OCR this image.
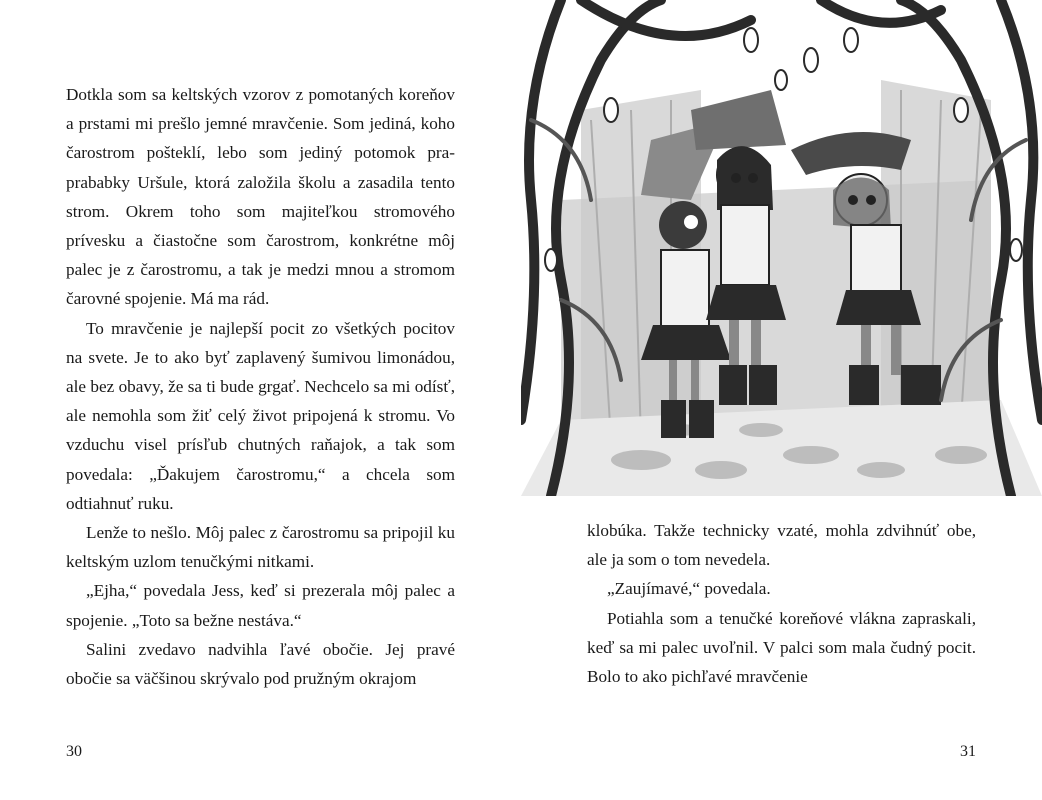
Dotkla som sa keltských vzorov z pomotaných koreňov a prstami mi prešlo jemné mravčenie. Som jediná, koho čarostrom pošteklí, lebo som jediný potomok pra-prababky Uršule, ktorá založila školu a zasadila tento strom. Okrem toho som majiteľkou stromového prívesku a čiastočne som čarostrom, konkrétne môj palec je z čarostromu, a tak je medzi mnou a stromom čarovné spojenie. Má ma rád.

To mravčenie je najlepší pocit zo všetkých pocitov na svete. Je to ako byť zaplavený šumivou limonádou, ale bez obavy, že sa ti bude grgať. Nechcelo sa mi odísť, ale nemohla som žiť celý život pripojená k stromu. Vo vzduchu visel prísľub chutných raňajok, a tak som povedala: „Ďakujem čarostromu,“ a chcela som odtiahnuť ruku.

Lenže to nešlo. Môj palec z čarostromu sa pripojil ku keltským uzlom tenučkými nitkami.

„Ejha,“ povedala Jess, keď si prezerala môj palec a spojenie. „Toto sa bežne nestáva.“

Salini zvedavo nadvihla ľavé obočie. Jej pravé obočie sa väčšinou skrývalo pod pružným okrajom

30

klobúka. Takže technicky vzaté, mohla zdvihnúť obe, ale ja som o tom nevedela.

„Zaujímavé,“ povedala.

Potiahla som a tenučké koreňové vlákna zapraskali, keď sa mi palec uvoľnil. V palci som mala čudný pocit. Bolo to ako pichľavé mravčenie

31
